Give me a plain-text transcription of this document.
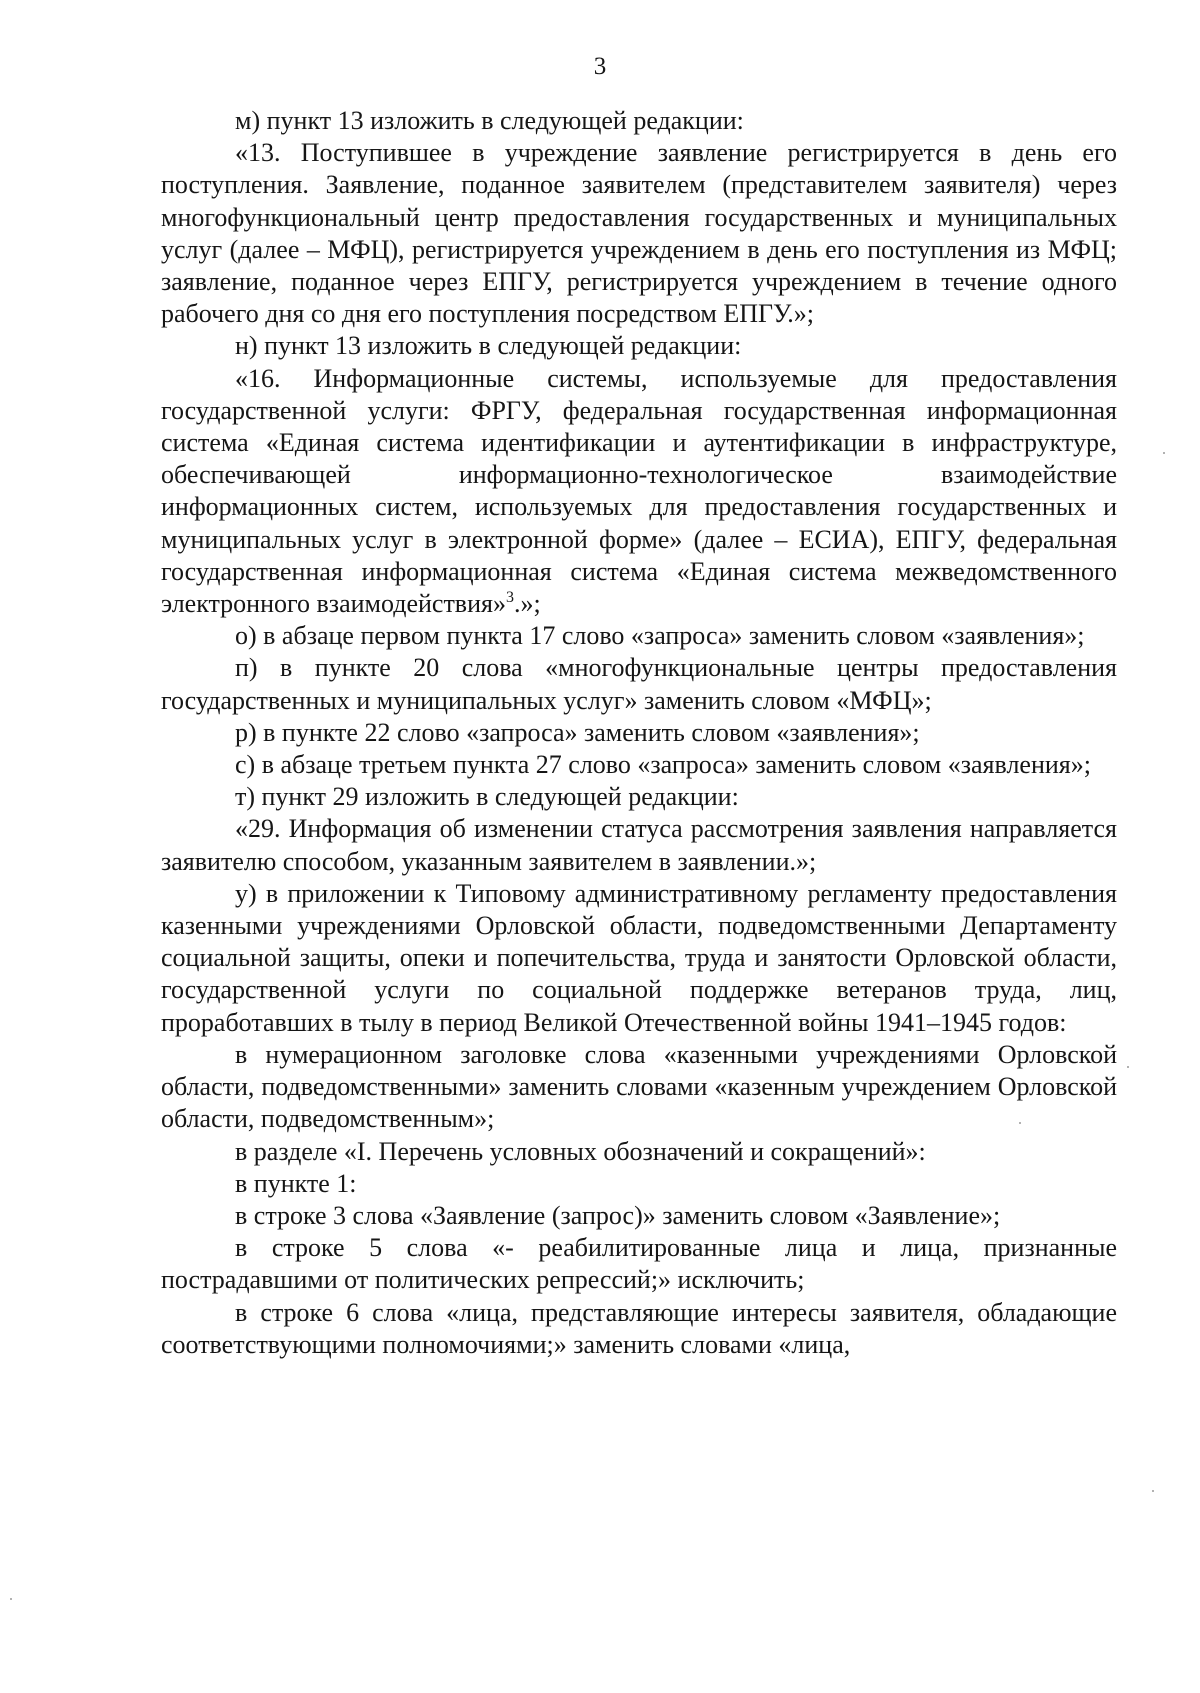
3

м) пункт 13 изложить в следующей редакции:

«13. Поступившее в учреждение заявление регистрируется в день его поступления. Заявление, поданное заявителем (представителем заявителя) через многофункциональный центр предоставления государственных и муниципальных услуг (далее – МФЦ), регистрируется учреждением в день его поступления из МФЦ; заявление, поданное через ЕПГУ, регистрируется учреждением в течение одного рабочего дня со дня его поступления посредством ЕПГУ.»;

н) пункт 13 изложить в следующей редакции:

«16. Информационные системы, используемые для предоставления государственной услуги: ФРГУ, федеральная государственная информационная система «Единая система идентификации и аутентификации в инфраструктуре, обеспечивающей информационно-технологическое взаимодействие информационных систем, используемых для предоставления государственных и муниципальных услуг в электронной форме» (далее – ЕСИА), ЕПГУ, федеральная государственная информационная система «Единая система межведомственного электронного взаимодействия»$^3$.»;

о) в абзаце первом пункта 17 слово «запроса» заменить словом «заявления»;

п) в пункте 20 слова «многофункциональные центры предоставления государственных и муниципальных услуг» заменить словом «МФЦ»;

р) в пункте 22 слово «запроса» заменить словом «заявления»;

с) в абзаце третьем пункта 27 слово «запроса» заменить словом «заявления»;

т) пункт 29 изложить в следующей редакции:

«29. Информация об изменении статуса рассмотрения заявления направляется заявителю способом, указанным заявителем в заявлении.»;

у) в приложении к Типовому административному регламенту предоставления казенными учреждениями Орловской области, подведомственными Департаменту социальной защиты, опеки и попечительства, труда и занятости Орловской области, государственной услуги по социальной поддержке ветеранов труда, лиц, проработавших в тылу в период Великой Отечественной войны 1941–1945 годов:

в нумерационном заголовке слова «казенными учреждениями Орловской области, подведомственными» заменить словами «казенным учреждением Орловской области, подведомственным»;

в разделе «I. Перечень условных обозначений и сокращений»:

в пункте 1:

в строке 3 слова «Заявление (запрос)» заменить словом «Заявление»;

в строке 5 слова «- реабилитированные лица и лица, признанные пострадавшими от политических репрессий;» исключить;

в строке 6 слова «лица, представляющие интересы заявителя, обладающие соответствующими полномочиями;» заменить словами «лица,
